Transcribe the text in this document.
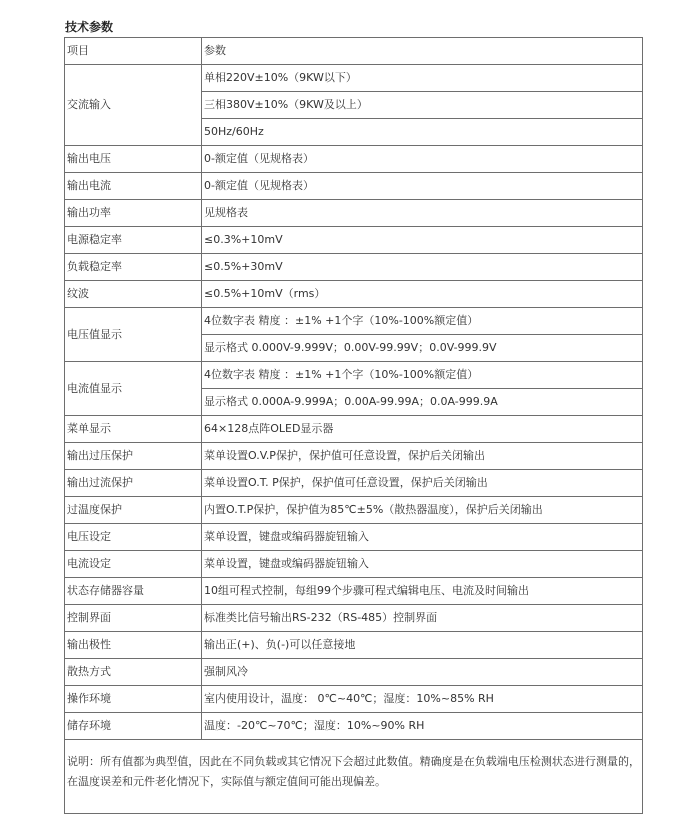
技术参数
项目	参数
交流输入	单相220V±10%（9KW以下）
	三相380V±10%（9KW及以上）
	50Hz/60Hz
输出电压	0-额定值（见规格表）
输出电流	0-额定值（见规格表）
输出功率	见规格表
电源稳定率	≤0.3%+10mV
负载稳定率	≤0.5%+30mV
纹波	≤0.5%+10mV（rms）
电压值显示	4位数字表 精度 ：±1% +1个字（10%-100%额定值）
	显示格式 0.000V-9.999V；0.00V-99.99V；0.0V-999.9V
电流值显示	4位数字表 精度 ：±1% +1个字（10%-100%额定值）
	显示格式 0.000A-9.999A；0.00A-99.99A；0.0A-999.9A
菜单显示	64×128点阵OLED显示器
输出过压保护	菜单设置O.V.P保护，保护值可任意设置，保护后关闭输出
输出过流保护	菜单设置O.T. P保护，保护值可任意设置，保护后关闭输出
过温度保护	内置O.T.P保护，保护值为85℃±5%（散热器温度），保护后关闭输出
电压设定	菜单设置，键盘或编码器旋钮输入
电流设定	菜单设置，键盘或编码器旋钮输入
状态存储器容量	10组可程式控制，每组99个步骤可程式编辑电压、电流及时间输出
控制界面	标准类比信号输出RS-232（RS-485）控制界面
输出极性	输出正(+)、负(-)可以任意接地
散热方式	强制风冷
操作环境	室内使用设计，温度： 0℃~40℃；湿度：10%~85% RH
储存环境	温度：-20℃~70℃；湿度：10%~90% RH
说明：所有值都为典型值，因此在不同负载或其它情况下会超过此数值。精确度是在负载端电压检测状态进行测量的，在温度误差和元件老化情况下，实际值与额定值间可能出现偏差。	
